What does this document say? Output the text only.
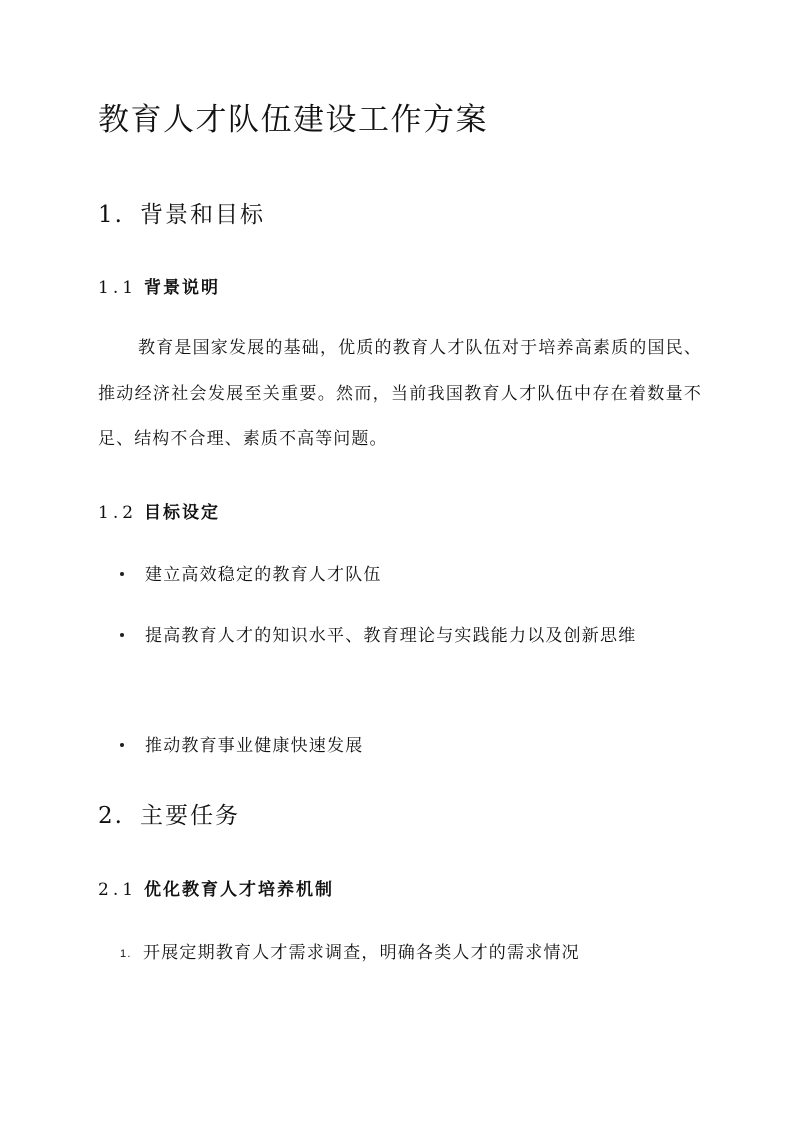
教育人才队伍建设工作方案
1. 背景和目标
1.1 背景说明

教育是国家发展的基础，优质的教育人才队伍对于培养高素质的国民、推动经济社会发展至关重要。然而，当前我国教育人才队伍中存在着数量不足、结构不合理、素质不高等问题。

1.2 目标设定
建立高效稳定的教育人才队伍
提高教育人才的知识水平、教育理论与实践能力以及创新思维
推动教育事业健康快速发展
2. 主要任务
2.1 优化教育人才培养机制
1. 开展定期教育人才需求调查，明确各类人才的需求情况
